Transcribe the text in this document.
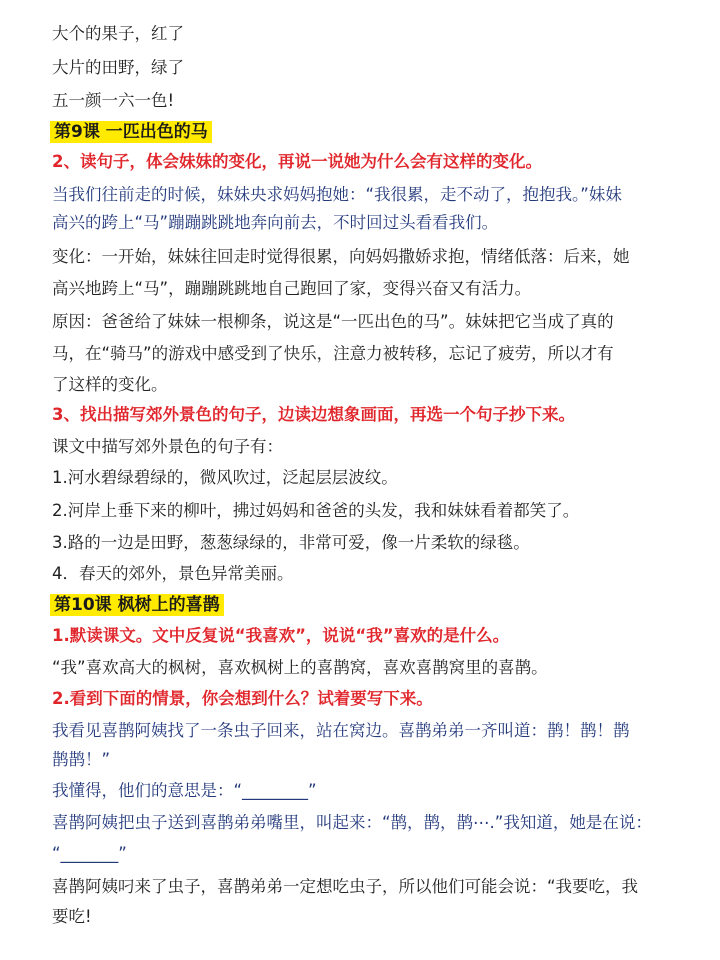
大个的果子，红了
大片的田野，绿了
五一颜一六一色!
第9课 一匹出色的马
2、读句子，体会妹妹的变化，再说一说她为什么会有这样的变化。
当我们往前走的时候，妹妹央求妈妈抱她：“我很累，走不动了，抱抱我。”妹妹
高兴的跨上“马”蹦蹦跳跳地奔向前去，不时回过头看看我们。
变化：一开始，妹妹往回走时觉得很累，向妈妈撒娇求抱，情绪低落：后来，她
高兴地跨上“马”，蹦蹦跳跳地自己跑回了家，变得兴奋又有活力。
原因：爸爸给了妹妹一根柳条，说这是“一匹出色的马”。妹妹把它当成了真的
马，在“骑马”的游戏中感受到了快乐，注意力被转移，忘记了疲劳，所以才有
了这样的变化。
3、找出描写郊外景色的句子，边读边想象画面，再选一个句子抄下来。
课文中描写郊外景色的句子有：
1.河水碧绿碧绿的，微风吹过，泛起层层波纹。
2.河岸上垂下来的柳叶，拂过妈妈和爸爸的头发，我和妹妹看着都笑了。
3.路的一边是田野，葱葱绿绿的，非常可爱，像一片柔软的绿毯。
4．春天的郊外，景色异常美丽。
第10课 枫树上的喜鹊
1.默读课文。文中反复说“我喜欢”，说说“我”喜欢的是什么。
“我”喜欢高大的枫树，喜欢枫树上的喜鹊窝，喜欢喜鹊窝里的喜鹊。
2.看到下面的情景，你会想到什么？试着要写下来。
我看见喜鹊阿姨找了一条虫子回来，站在窝边。喜鹊弟弟一齐叫道：鹊！鹊！鹊
鹊鹊！”
我懂得，他们的意思是：“________”
喜鹊阿姨把虫子送到喜鹊弟弟嘴里，叫起来：“鹊，鹊，鹊⋯.”我知道，她是在说：
“_______”
喜鹊阿姨叼来了虫子，喜鹊弟弟一定想吃虫子，所以他们可能会说：“我要吃，我
要吃!
